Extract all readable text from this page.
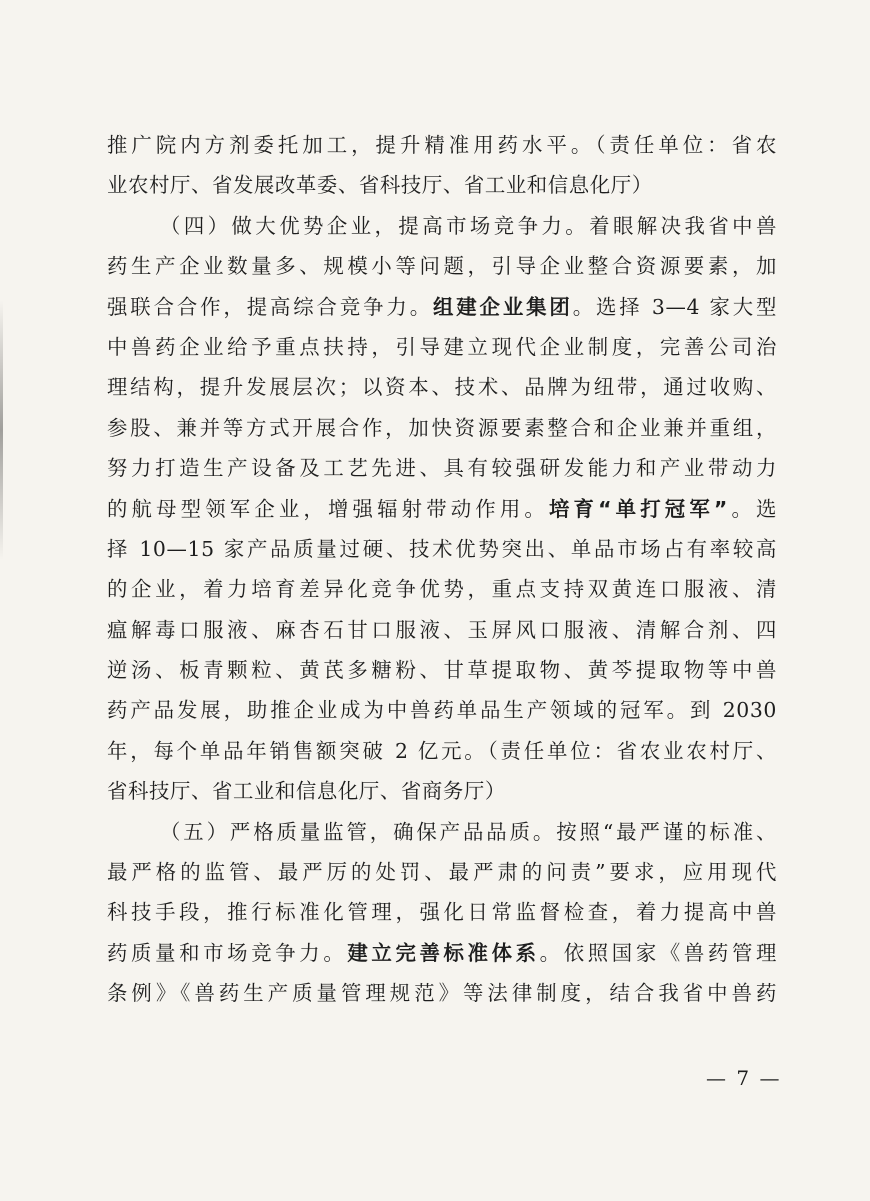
推广院内方剂委托加工，提升精准用药水平。（责任单位：省农
业农村厅、省发展改革委、省科技厅、省工业和信息化厅）
（四）做大优势企业，提高市场竞争力。着眼解决我省中兽
药生产企业数量多、规模小等问题，引导企业整合资源要素，加
强联合合作，提高综合竞争力。组建企业集团。选择 3—4 家大型
中兽药企业给予重点扶持，引导建立现代企业制度，完善公司治
理结构，提升发展层次；以资本、技术、品牌为纽带，通过收购、
参股、兼并等方式开展合作，加快资源要素整合和企业兼并重组，
努力打造生产设备及工艺先进、具有较强研发能力和产业带动力
的航母型领军企业，增强辐射带动作用。培育“单打冠军”。选
择 10—15 家产品质量过硬、技术优势突出、单品市场占有率较高
的企业，着力培育差异化竞争优势，重点支持双黄连口服液、清
瘟解毒口服液、麻杏石甘口服液、玉屏风口服液、清解合剂、四
逆汤、板青颗粒、黄芪多糖粉、甘草提取物、黄芩提取物等中兽
药产品发展，助推企业成为中兽药单品生产领域的冠军。到 2030
年，每个单品年销售额突破 2 亿元。（责任单位：省农业农村厅、
省科技厅、省工业和信息化厅、省商务厅）
（五）严格质量监管，确保产品品质。按照“最严谨的标准、
最严格的监管、最严厉的处罚、最严肃的问责”要求，应用现代
科技手段，推行标准化管理，强化日常监督检查，着力提高中兽
药质量和市场竞争力。建立完善标准体系。依照国家《兽药管理
条例》《兽药生产质量管理规范》等法律制度，结合我省中兽药
— 7 —
